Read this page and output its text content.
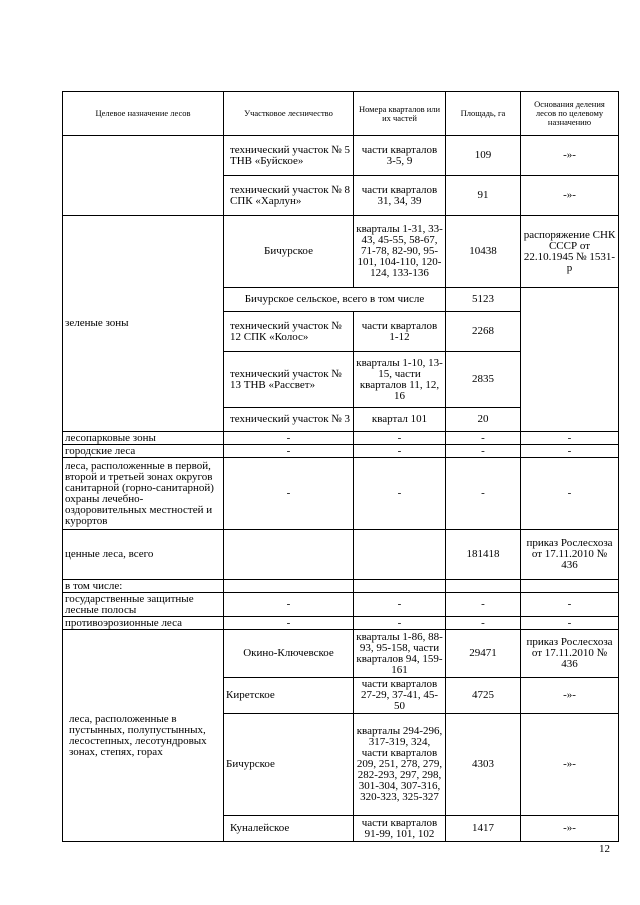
Целевое назначение лесов	Участковое лесничество	Номера кварталов или их частей	Площадь, га	Основания деления лесов по целевому назначению
	технический участок № 5 ТНВ «Буйское»	части кварталов 3-5, 9	109	-»-
	технический участок № 8 СПК «Харлун»	части кварталов 31, 34, 39	91	-»-
зеленые зоны	Бичурское	кварталы 1-31, 33-43, 45-55, 58-67, 71-78, 82-90, 95-101, 104-110, 120-124, 133-136	10438	распоряжение СНК СССР от 22.10.1945 № 1531-р
	Бичурское сельское, всего в том числе		5123	
	технический участок № 12 СПК «Колос»	части кварталов 1-12	2268	
	технический участок № 13 ТНВ «Рассвет»	кварталы 1-10, 13-15, части кварталов 11, 12, 16	2835	
	технический участок № 3	квартал 101	20	
лесопарковые зоны	-	-	-	-
городские леса	-	-	-	-
леса, расположенные в первой, второй и третьей зонах округов санитарной (горно-санитарной) охраны лечебно-оздоровительных местностей и курортов	-	-	-	-
ценные леса, всего			181418	приказ Рослесхоза от 17.11.2010 № 436
в том числе:				
государственные защитные лесные полосы	-	-	-	-
противоэрозионные леса	-	-	-	-
леса, расположенные в пустынных, полупустынных, лесостепных, лесотундровых зонах, степях, горах	Окино-Ключевское	кварталы 1-86, 88-93, 95-158, части кварталов 94, 159-161	29471	приказ Рослесхоза от 17.11.2010 № 436
	Киретское	части кварталов 27-29, 37-41, 45-50	4725	-»-
	Бичурское	кварталы 294-296, 317-319, 324, части кварталов 209, 251, 278, 279, 282-293, 297, 298, 301-304, 307-316, 320-323, 325-327	4303	-»-
	Куналейское	части кварталов 91-99, 101, 102	1417	-»-
12
